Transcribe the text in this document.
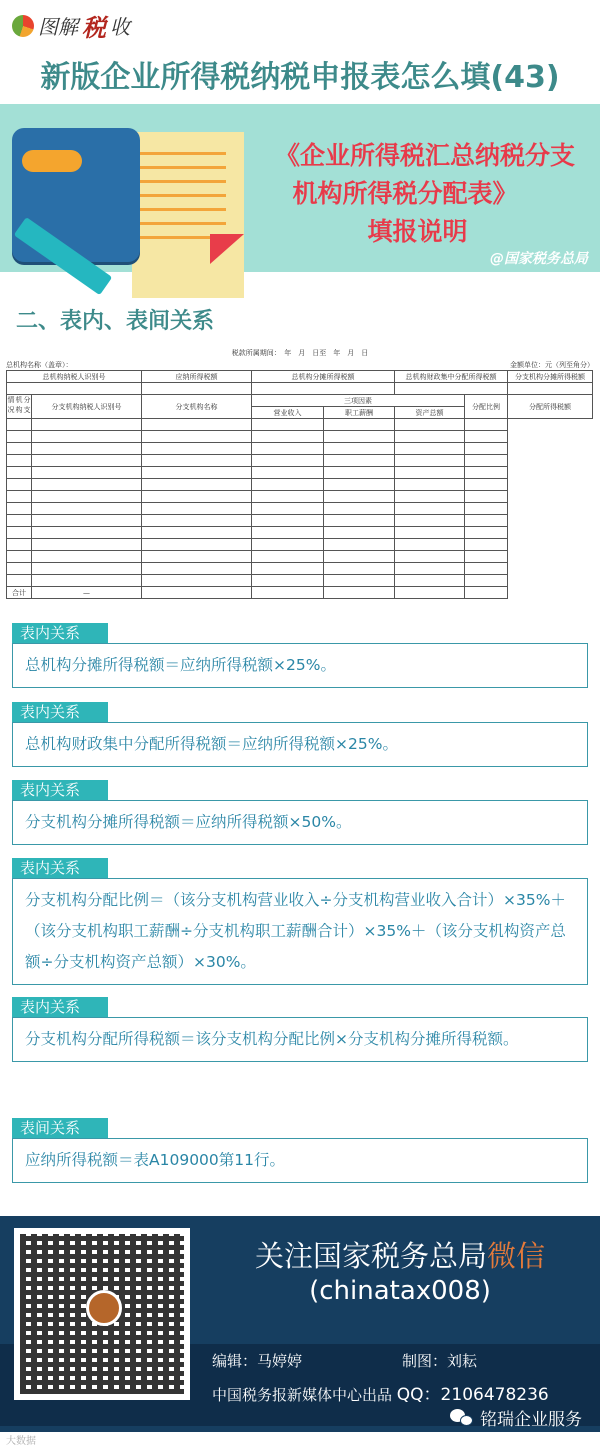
图解 税 收
新版企业所得税纳税申报表怎么填(43)
《企业所得税汇总纳税分支
机构所得税分配表》
填报说明
@国家税务总局
二、表内、表间关系
税款所属期间：　年　月　日至　年　月　日
总机构名称（盖章）：	金额单位：元（列至角分）
总机构纳税人识别号		应纳所得税额	总机构分摊所得税额		总机构财政集中分配所得税额		分支机构分摊所得税额

分支机构情况	分支机构纳税人识别号	分支机构名称	三项因素			分配比例	分配所得税额
			营业收入	职工薪酬	资产总额		

合计	—						
表内关系
总机构分摊所得税额＝应纳所得税额×25%。
表内关系
总机构财政集中分配所得税额＝应纳所得税额×25%。
表内关系
分支机构分摊所得税额＝应纳所得税额×50%。
表内关系
分支机构分配比例＝（该分支机构营业收入÷分支机构营业收入合计）×35%＋（该分支机构职工薪酬÷分支机构职工薪酬合计）×35%＋（该分支机构资产总额÷分支机构资产总额）×30%。
表内关系
分支机构分配所得税额＝该分支机构分配比例×分支机构分摊所得税额。
表间关系
应纳所得税额＝表A109000第11行。
关注国家税务总局微信
(chinatax008)
编辑：马婷婷	制图：刘耘
中国税务报新媒体中心出品 QQ：2106478236
铭瑞企业服务
大数据
